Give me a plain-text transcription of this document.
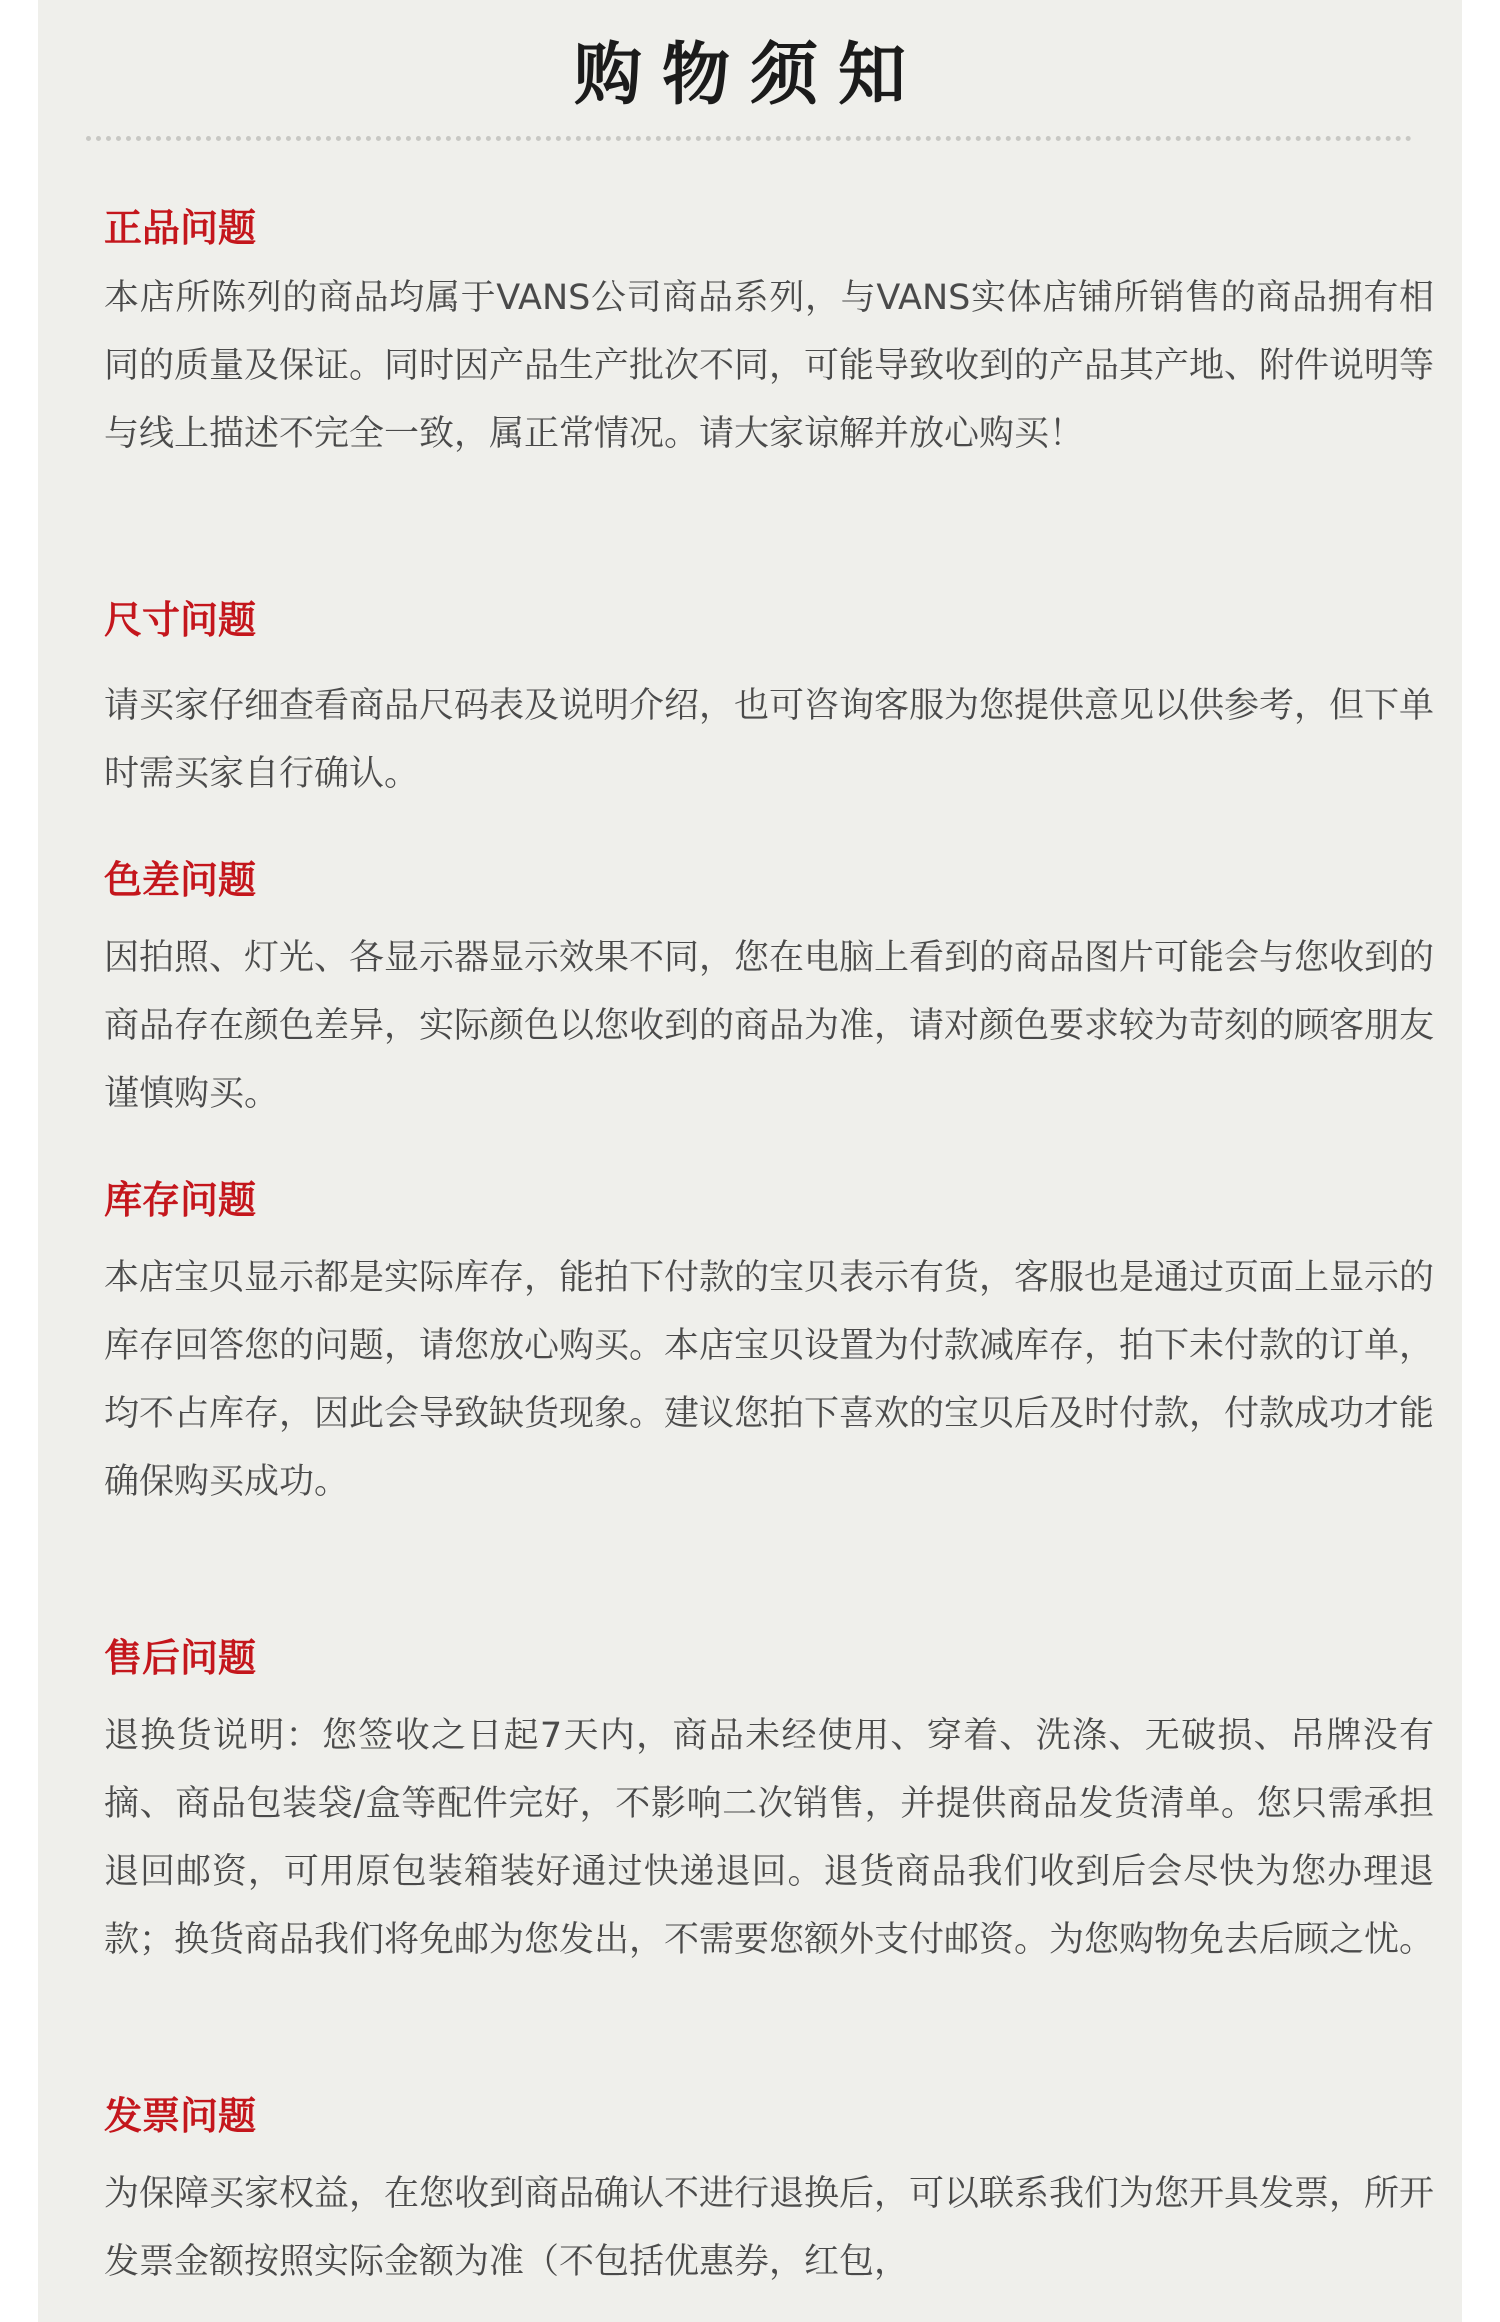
购物须知

正品问题

本店所陈列的商品均属于VANS公司商品系列，与VANS实体店铺所销售的商品拥有相同的质量及保证。同时因产品生产批次不同，可能导致收到的产品其产地、附件说明等与线上描述不完全一致，属正常情况。请大家谅解并放心购买！

尺寸问题

请买家仔细查看商品尺码表及说明介绍，也可咨询客服为您提供意见以供参考，但下单时需买家自行确认。

色差问题

因拍照、灯光、各显示器显示效果不同，您在电脑上看到的商品图片可能会与您收到的商品存在颜色差异，实际颜色以您收到的商品为准，请对颜色要求较为苛刻的顾客朋友谨慎购买。

库存问题

本店宝贝显示都是实际库存，能拍下付款的宝贝表示有货，客服也是通过页面上显示的库存回答您的问题，请您放心购买。本店宝贝设置为付款减库存，拍下未付款的订单，均不占库存，因此会导致缺货现象。建议您拍下喜欢的宝贝后及时付款，付款成功才能确保购买成功。

售后问题

退换货说明：您签收之日起7天内，商品未经使用、穿着、洗涤、无破损、吊牌没有摘、商品包装袋/盒等配件完好，不影响二次销售，并提供商品发货清单。您只需承担退回邮资，可用原包装箱装好通过快递退回。退货商品我们收到后会尽快为您办理退款；换货商品我们将免邮为您发出，不需要您额外支付邮资。为您购物免去后顾之忧。

发票问题

为保障买家权益，在您收到商品确认不进行退换后，可以联系我们为您开具发票，所开发票金额按照实际金额为准（不包括优惠券，红包，
